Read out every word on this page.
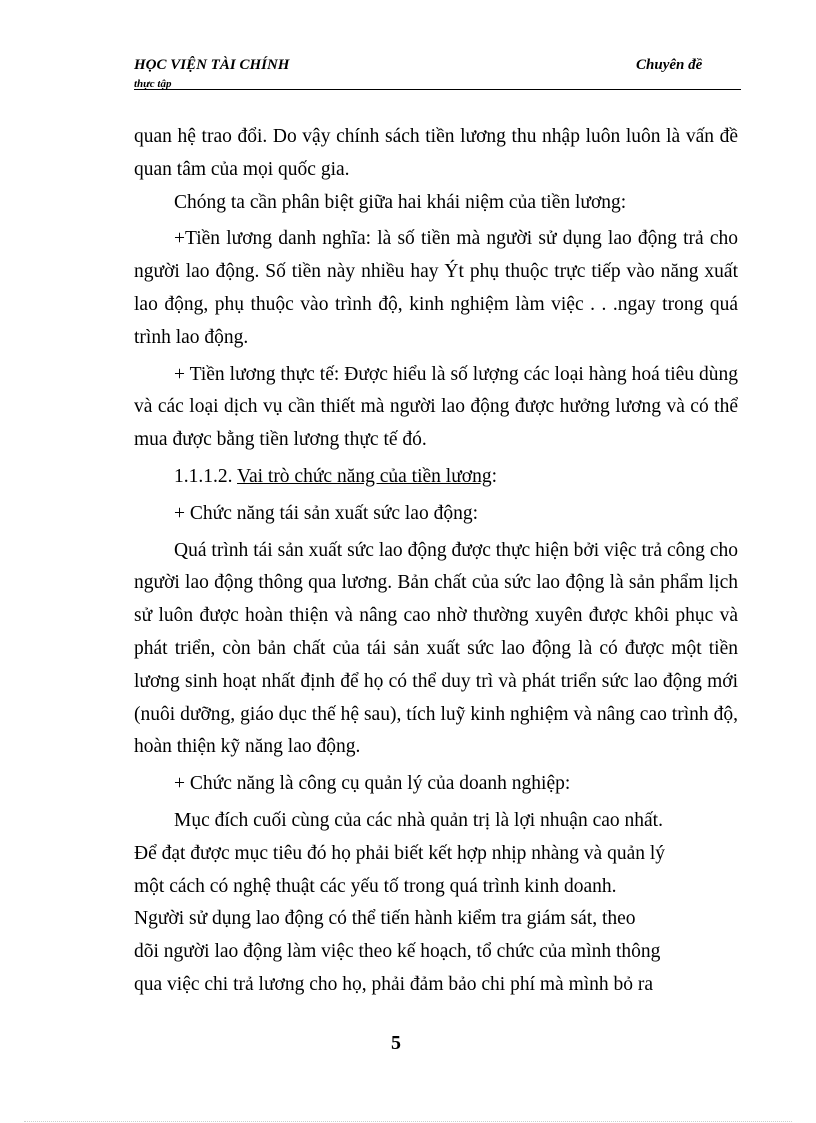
HỌC VIỆN TÀI CHÍNH
thực tập
Chuyên đề

quan hệ trao đổi. Do vậy chính sách tiền lương thu nhập luôn luôn là vấn đề quan tâm của mọi quốc gia.

Chóng ta cần phân biệt giữa hai khái niệm của tiền lương:

+Tiền lương danh nghĩa: là số tiền mà người sử dụng lao động trả cho người lao động. Số tiền này nhiều hay Ýt phụ thuộc trực tiếp vào năng xuất lao động, phụ thuộc vào trình độ, kinh nghiệm làm việc . . .ngay trong quá trình lao động.

+ Tiền lương thực tế: Được hiểu là số lượng các loại hàng hoá tiêu dùng và các loại dịch vụ cần thiết mà người lao động được hưởng lương và có thể mua được bằng tiền lương thực tế đó.

1.1.1.2. Vai trò chức năng của tiền lương:

+ Chức năng tái sản xuất sức lao động:

Quá trình tái sản xuất sức lao động được thực hiện bởi việc trả công cho người lao động thông qua lương. Bản chất của sức lao động là sản phẩm lịch sử luôn được hoàn thiện và nâng cao nhờ thường xuyên được khôi phục và phát triển, còn bản chất của tái sản xuất sức lao động là có được một tiền lương sinh hoạt nhất định để họ có thể duy trì và phát triển sức lao động mới (nuôi dưỡng, giáo dục thế hệ sau), tích luỹ kinh nghiệm và nâng cao trình độ, hoàn thiện kỹ năng lao động.

+ Chức năng là công cụ quản lý của doanh nghiệp:

Mục đích cuối cùng của các nhà quản trị là lợi nhuận cao nhất.

Để đạt được mục tiêu đó họ phải biết kết hợp nhịp nhàng và quản lý

một cách có nghệ thuật các yếu tố trong quá trình kinh doanh.

Người sử dụng lao động có thể tiến hành kiểm tra giám sát, theo

dõi người lao động làm việc theo kế hoạch, tổ chức của mình thông

qua việc chi trả lương cho họ, phải đảm bảo chi phí mà mình bỏ ra

5
